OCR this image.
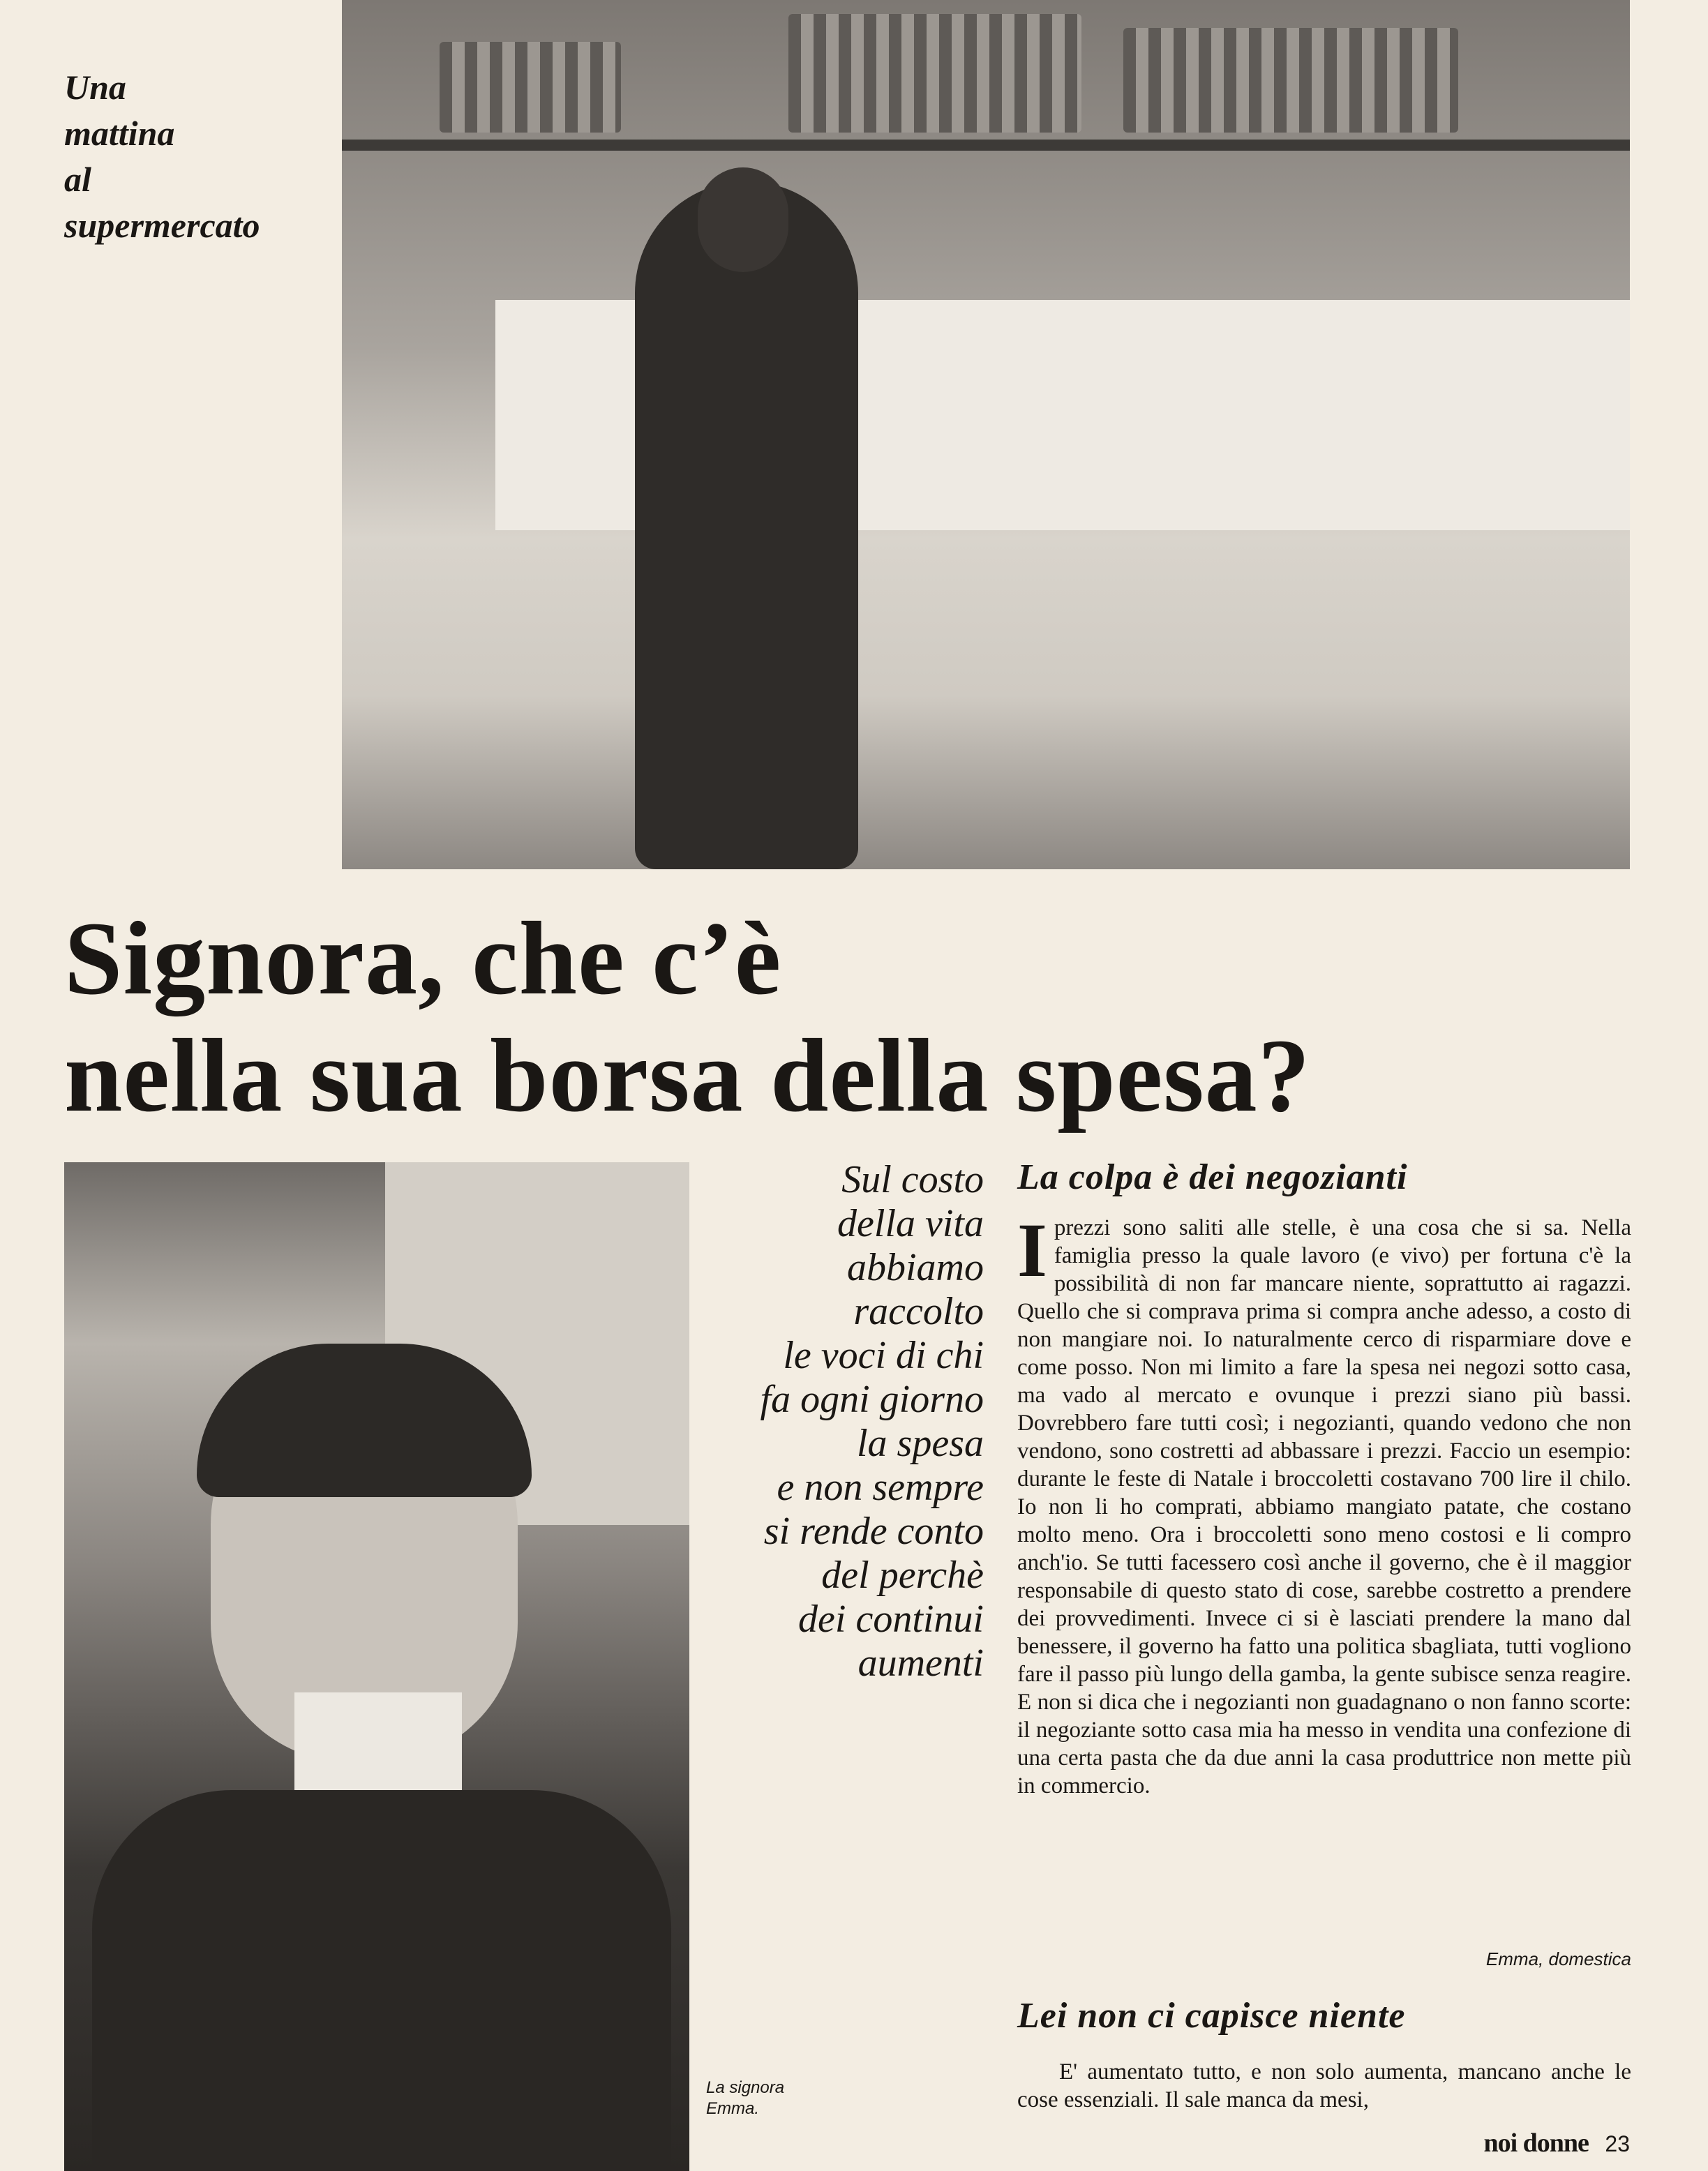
Una
mattina
al
supermercato
Signora, che c’è
nella sua borsa della spesa?
Sul costo
della vita
abbiamo
raccolto
le voci di chi
fa ogni giorno
la spesa
e non sempre
si rende conto
del perchè
dei continui
aumenti
La colpa è dei negozianti
I prezzi sono saliti alle stelle, è una cosa che si sa. Nella famiglia presso la quale lavoro (e vivo) per fortuna c'è la possibilità di non far mancare niente, soprattutto ai ragazzi. Quello che si comprava prima si compra anche adesso, a costo di non mangiare noi. Io naturalmente cerco di risparmiare dove e come posso. Non mi limito a fare la spesa nei negozi sotto casa, ma vado al mercato e ovunque i prezzi siano più bassi. Dovrebbero fare tutti così; i negozianti, quando vedono che non vendono, sono costretti ad abbassare i prezzi. Faccio un esempio: durante le feste di Natale i broccoletti costavano 700 lire il chilo. Io non li ho comprati, abbiamo mangiato patate, che costano molto meno. Ora i broccoletti sono meno costosi e li compro anch'io. Se tutti facessero così anche il governo, che è il maggior responsabile di questo stato di cose, sarebbe costretto a prendere dei provvedimenti. Invece ci si è lasciati prendere la mano dal benessere, il governo ha fatto una politica sbagliata, tutti vogliono fare il passo più lungo della gamba, la gente subisce senza reagire. E non si dica che i negozianti non guadagnano o non fanno scorte: il negoziante sotto casa mia ha messo in vendita una confezione di una certa pasta che da due anni la casa produttrice non mette più in commercio.
Emma, domestica
Lei non ci capisce niente
E' aumentato tutto, e non solo aumenta, mancano anche le cose essenziali. Il sale manca da mesi,
La signora
Emma.
noi donne 23
